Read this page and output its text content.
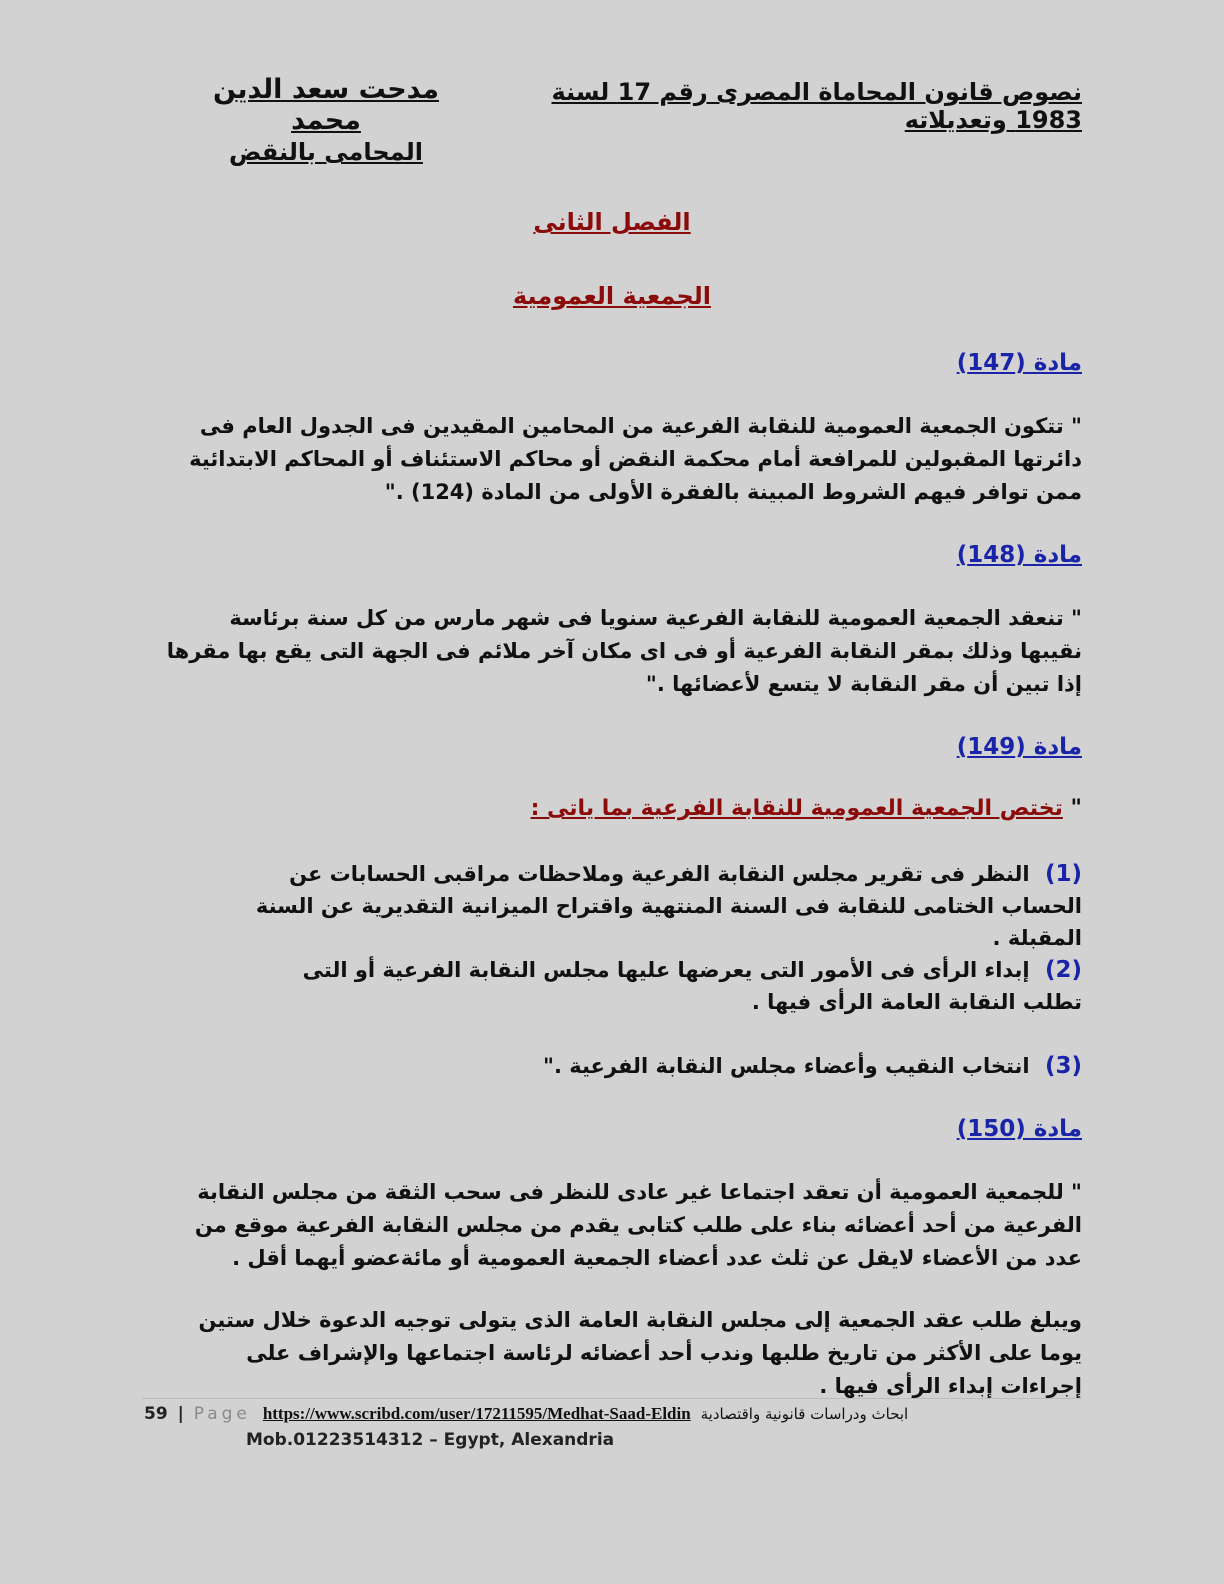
نصوص قانون المحاماة المصرى رقم 17 لسنة 1983 وتعديلاته
مدحت سعد الدين محمد
المحامى بالنقض
الفصل الثانى
الجمعية العمومية
مادة (147)
" تتكون الجمعية العمومية للنقابة الفرعية من المحامين المقيدين فى الجدول العام فى دائرتها المقبولين للمرافعة أمام محكمة النقض أو محاكم الاستئناف أو المحاكم الابتدائية ممن توافر فيهم الشروط المبينة بالفقرة الأولى من المادة (124) ."
مادة (148)
" تنعقد الجمعية العمومية للنقابة الفرعية سنويا فى شهر مارس من كل سنة برئاسة نقيبها وذلك بمقر النقابة الفرعية أو فى اى مكان آخر ملائم فى الجهة التى يقع بها مقرها إذا تبين أن مقر النقابة لا يتسع لأعضائها ."
مادة (149)
" تختص الجمعية العمومية للنقابة الفرعية بما ياتى :
(1) النظر فى تقرير مجلس النقابة الفرعية وملاحظات مراقبى الحسابات عن الحساب الختامى للنقابة فى السنة المنتهية واقتراح الميزانية التقديرية عن السنة المقبلة .
(2) إبداء الرأى فى الأمور التى يعرضها عليها مجلس النقابة الفرعية أو التى تطلب النقابة العامة الرأى فيها .
(3) انتخاب النقيب وأعضاء مجلس النقابة الفرعية ."
مادة (150)
" للجمعية العمومية أن تعقد اجتماعا غير عادى للنظر فى سحب الثقة من مجلس النقابة الفرعية من أحد أعضائه بناء على طلب كتابى يقدم من مجلس النقابة الفرعية موقع من عدد من الأعضاء لايقل عن ثلث عدد أعضاء الجمعية العمومية أو مائةعضو أيهما أقل .
ويبلغ طلب عقد الجمعية إلى مجلس النقابة العامة الذى يتولى توجيه الدعوة خلال ستين يوما على الأكثر من تاريخ طلبها وندب أحد أعضائه لرئاسة اجتماعها والإشراف على إجراءات إبداء الرأى فيها .
59 | Page https://www.scribd.com/user/17211595/Medhat-Saad-Eldin ابحاث ودراسات قانونية واقتصادية
Mob.01223514312 – Egypt, Alexandria
